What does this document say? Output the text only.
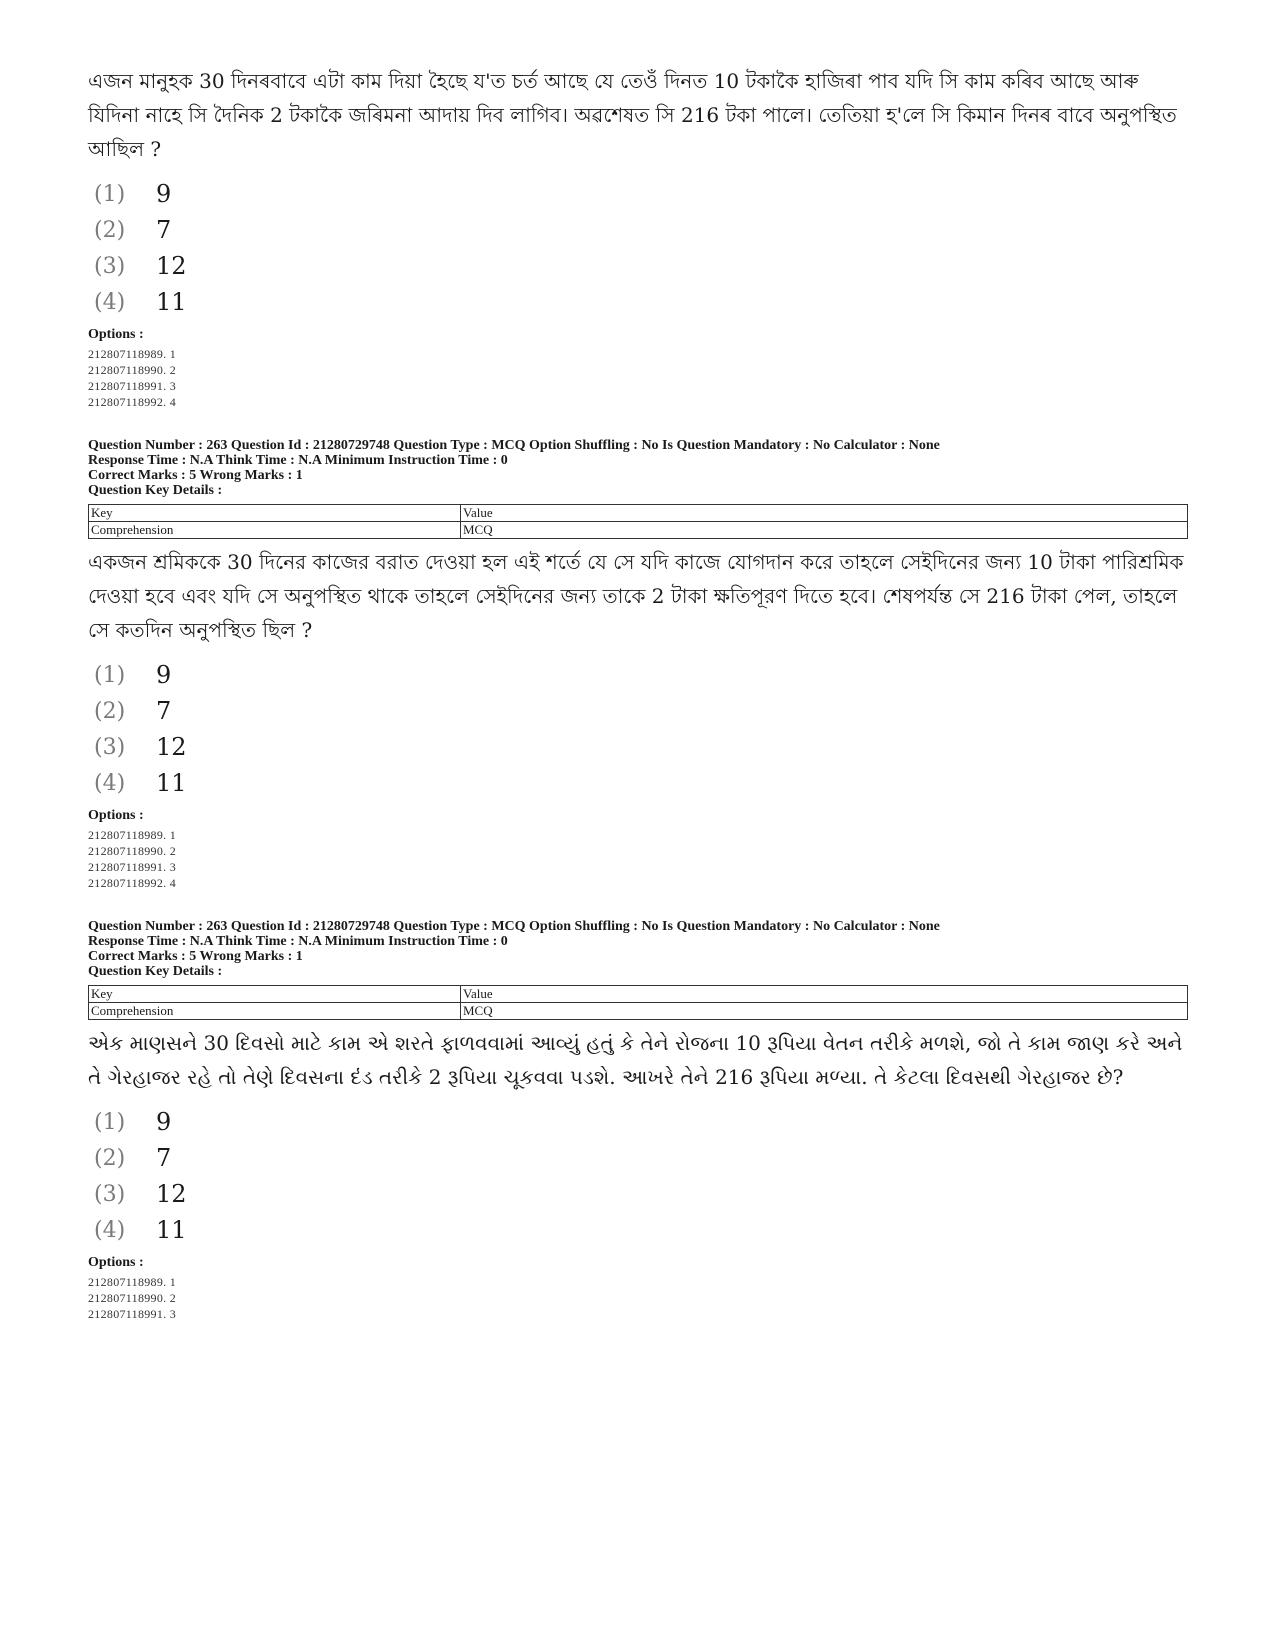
এজন মানুহক 30 দিনৰবাবে এটা কাম দিয়া হৈছে য'ত চৰ্ত আছে যে তেওঁ দিনত 10 টকাকৈ হাজিৰা পাব যদি সি কাম কৰিব আছে আৰু যিদিনা নাহে সি দৈনিক 2 টকাকৈ জৰিমনা আদায় দিব লাগিব। অৱশেষত সি 216 টকা পালে। তেতিয়া হ'লে সি কিমান দিনৰ বাবে অনুপস্থিত আছিল ?

(1)	9
(2)	7
(3)	12
(4)	11
Options :
212807118989. 1
212807118990. 2
212807118991. 3
212807118992. 4
Question Number : 263 Question Id : 21280729748 Question Type : MCQ Option Shuffling : No Is Question Mandatory : No Calculator : None
Response Time : N.A Think Time : N.A Minimum Instruction Time : 0
Correct Marks : 5 Wrong Marks : 1
Question Key Details :
Key	Value
Comprehension	MCQ

একজন শ্রমিককে 30 দিনের কাজের বরাত দেওয়া হল এই শর্তে যে সে যদি কাজে যোগদান করে তাহলে সেইদিনের জন্য 10 টাকা পারিশ্রমিক দেওয়া হবে এবং যদি সে অনুপস্থিত থাকে তাহলে সেইদিনের জন্য তাকে 2 টাকা ক্ষতিপূরণ দিতে হবে। শেষপর্যন্ত সে 216 টাকা পেল, তাহলে সে কতদিন অনুপস্থিত ছিল ?

(1)	9
(2)	7
(3)	12
(4)	11
Options :
212807118989. 1
212807118990. 2
212807118991. 3
212807118992. 4
Question Number : 263 Question Id : 21280729748 Question Type : MCQ Option Shuffling : No Is Question Mandatory : No Calculator : None
Response Time : N.A Think Time : N.A Minimum Instruction Time : 0
Correct Marks : 5 Wrong Marks : 1
Question Key Details :
Key	Value
Comprehension	MCQ

એક માણસને 30 દિવસો માટે કામ એ શરતે ફાળવવામાં આવ્યું હતું કે તેને રોજના 10 રૂપિયા વેતન તરીકે મળશે, જો તે કામ જાણ કરે અને તે ગેરહાજર રહે તો તેણે દિવસના દંડ તરીકે 2 રૂપિયા ચૂકવવા પડશે. આખરે તેને 216 રૂપિયા મળ્યા. તે કેટલા દિવસથી ગેરહાજર છે?

(1)	9
(2)	7
(3)	12
(4)	11
Options :
212807118989. 1
212807118990. 2
212807118991. 3
